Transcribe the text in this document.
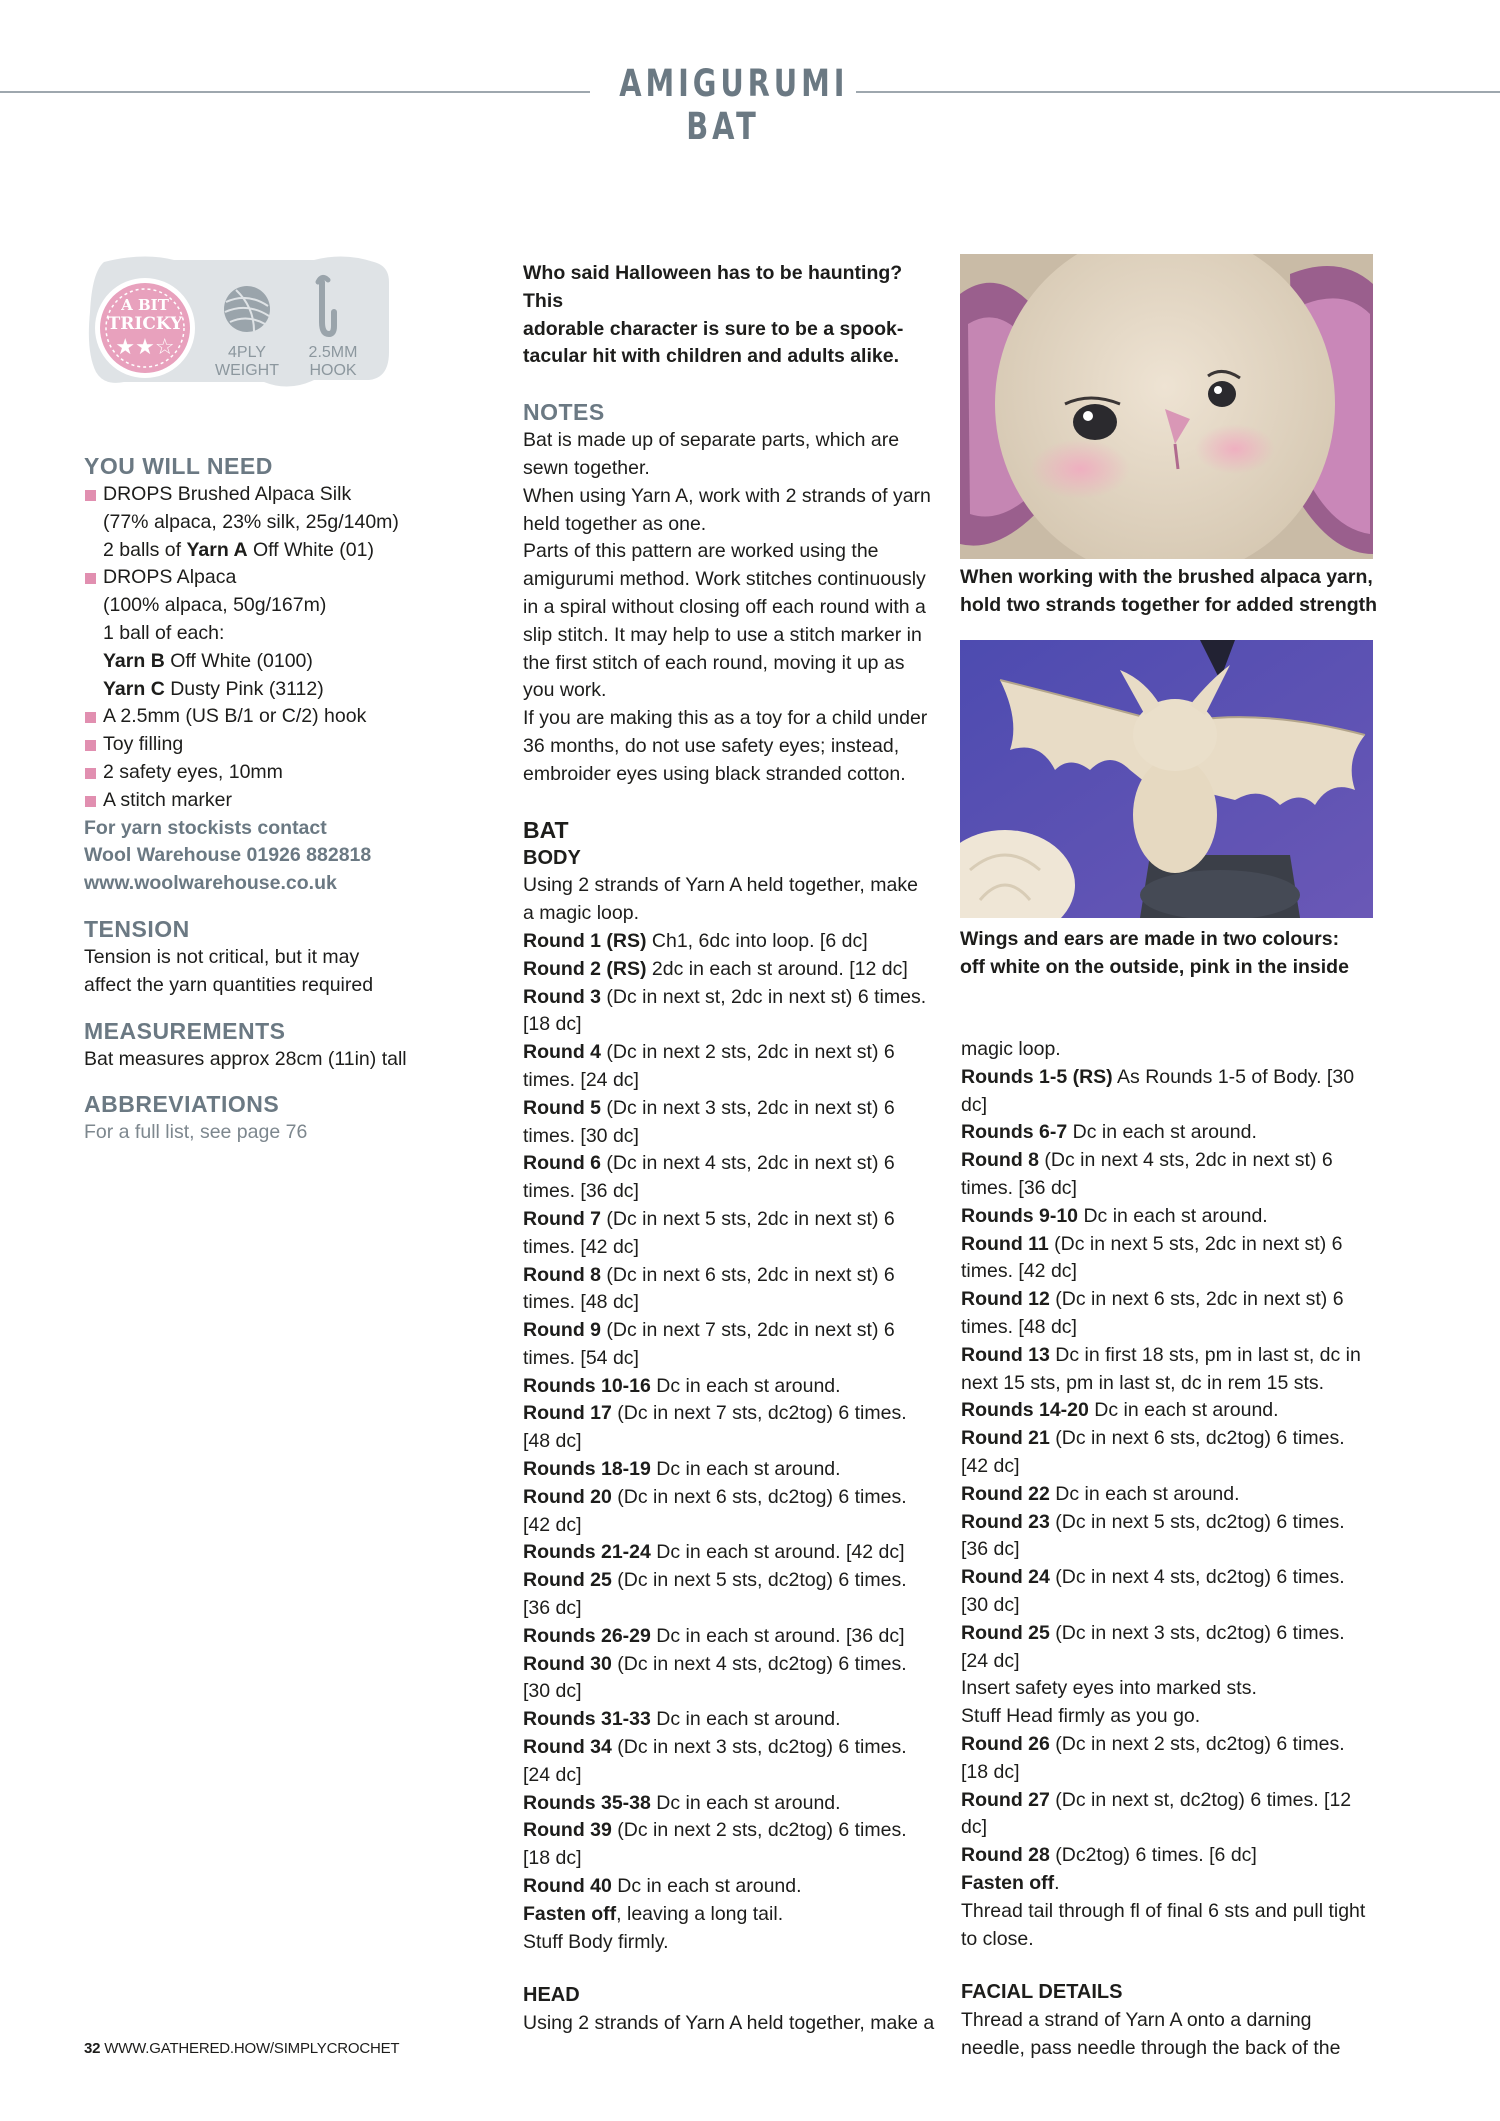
AMIGURUMI BAT
A BIT
TRICKY
★★☆	4PLY
WEIGHT
2.5MM
HOOK

YOU WILL NEED

DROPS Brushed Alpaca Silk

(77% alpaca, 23% silk, 25g/140m)

2 balls of Yarn A Off White (01)

DROPS Alpaca

(100% alpaca, 50g/167m)

1 ball of each:

Yarn B Off White (0100)

Yarn C Dusty Pink (3112)

A 2.5mm (US B/1 or C/2) hook

Toy filling

2 safety eyes, 10mm

A stitch marker

For yarn stockists contact

Wool Warehouse 01926 882818

www.woolwarehouse.co.uk

TENSION

Tension is not critical, but it may

affect the yarn quantities required

MEASUREMENTS

Bat measures approx 28cm (11in) tall

ABBREVIATIONS

For a full list, see page 76

Who said Halloween has to be haunting? This

adorable character is sure to be a spook-

tacular hit with children and adults alike.

NOTES

Bat is made up of separate parts, which are

sewn together.

When using Yarn A, work with 2 strands of yarn

held together as one.

Parts of this pattern are worked using the

amigurumi method. Work stitches continuously

in a spiral without closing off each round with a

slip stitch. It may help to use a stitch marker in

the first stitch of each round, moving it up as

you work.

If you are making this as a toy for a child under

36 months, do not use safety eyes; instead,

embroider eyes using black stranded cotton.

BAT

BODY

Using 2 strands of Yarn A held together, make

a magic loop.

Round 1 (RS) Ch1, 6dc into loop. [6 dc]

Round 2 (RS) 2dc in each st around. [12 dc]

Round 3 (Dc in next st, 2dc in next st) 6 times.

[18 dc]

Round 4 (Dc in next 2 sts, 2dc in next st) 6

times. [24 dc]

Round 5 (Dc in next 3 sts, 2dc in next st) 6

times. [30 dc]

Round 6 (Dc in next 4 sts, 2dc in next st) 6

times. [36 dc]

Round 7 (Dc in next 5 sts, 2dc in next st) 6

times. [42 dc]

Round 8 (Dc in next 6 sts, 2dc in next st) 6

times. [48 dc]

Round 9 (Dc in next 7 sts, 2dc in next st) 6

times. [54 dc]

Rounds 10-16 Dc in each st around.

Round 17 (Dc in next 7 sts, dc2tog) 6 times.

[48 dc]

Rounds 18-19 Dc in each st around.

Round 20 (Dc in next 6 sts, dc2tog) 6 times.

[42 dc]

Rounds 21-24 Dc in each st around. [42 dc]

Round 25 (Dc in next 5 sts, dc2tog) 6 times.

[36 dc]

Rounds 26-29 Dc in each st around. [36 dc]

Round 30 (Dc in next 4 sts, dc2tog) 6 times.

[30 dc]

Rounds 31-33 Dc in each st around.

Round 34 (Dc in next 3 sts, dc2tog) 6 times.

[24 dc]

Rounds 35-38 Dc in each st around.

Round 39 (Dc in next 2 sts, dc2tog) 6 times.

[18 dc]

Round 40 Dc in each st around.

Fasten off, leaving a long tail.

Stuff Body firmly.

HEAD

Using 2 strands of Yarn A held together, make a

When working with the brushed alpaca yarn,
hold two strands together for added strength
Wings and ears are made in two colours:
off white on the outside, pink in the inside

magic loop.

Rounds 1-5 (RS) As Rounds 1-5 of Body. [30 dc]

Rounds 6-7 Dc in each st around.

Round 8 (Dc in next 4 sts, 2dc in next st) 6

times. [36 dc]

Rounds 9-10 Dc in each st around.

Round 11 (Dc in next 5 sts, 2dc in next st) 6

times. [42 dc]

Round 12 (Dc in next 6 sts, 2dc in next st) 6

times. [48 dc]

Round 13 Dc in first 18 sts, pm in last st, dc in

next 15 sts, pm in last st, dc in rem 15 sts.

Rounds 14-20 Dc in each st around.

Round 21 (Dc in next 6 sts, dc2tog) 6 times.

[42 dc]

Round 22 Dc in each st around.

Round 23 (Dc in next 5 sts, dc2tog) 6 times.

[36 dc]

Round 24 (Dc in next 4 sts, dc2tog) 6 times.

[30 dc]

Round 25 (Dc in next 3 sts, dc2tog) 6 times.

[24 dc]

Insert safety eyes into marked sts.

Stuff Head firmly as you go.

Round 26 (Dc in next 2 sts, dc2tog) 6 times.

[18 dc]

Round 27 (Dc in next st, dc2tog) 6 times. [12 dc]

Round 28 (Dc2tog) 6 times. [6 dc]

Fasten off.

Thread tail through fl of final 6 sts and pull tight

to close.

FACIAL DETAILS

Thread a strand of Yarn A onto a darning

needle, pass needle through the back of the

32 WWW.GATHERED.HOW/SIMPLYCROCHET
